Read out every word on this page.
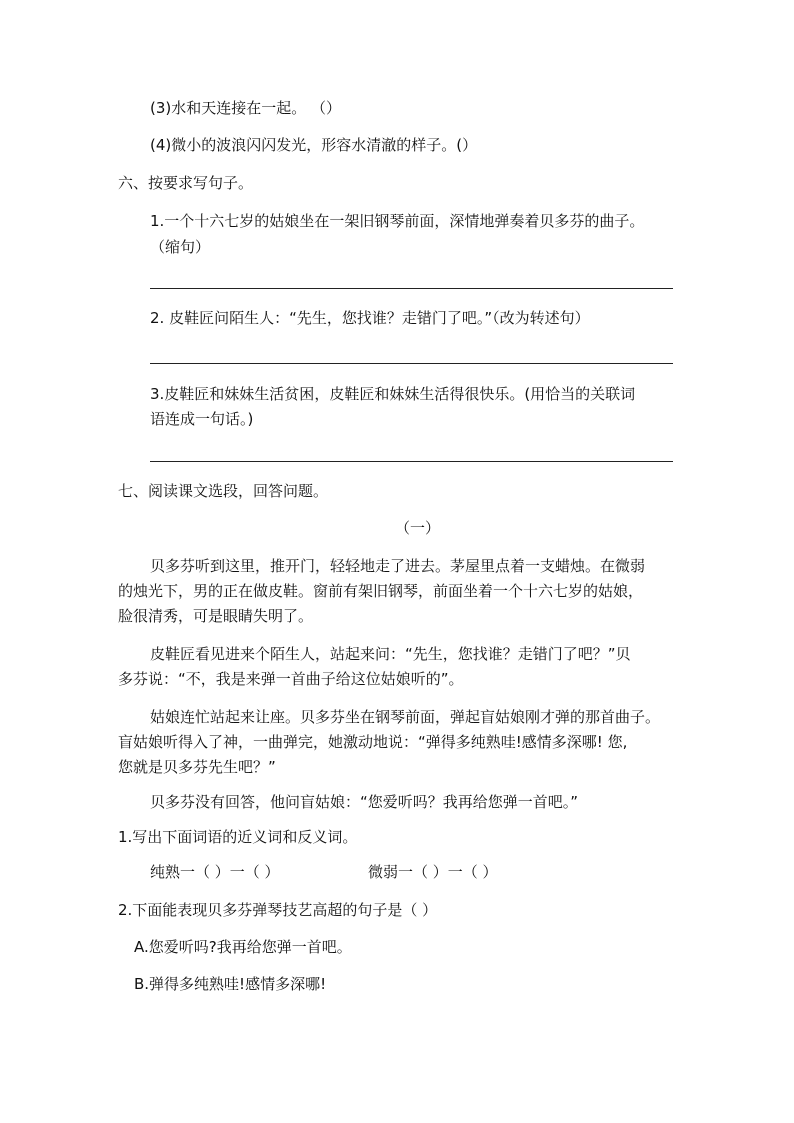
(3)水和天连接在一起。 （）
(4)微小的波浪闪闪发光，形容水清澈的样子。(）
六、按要求写句子。
1.一个十六七岁的姑娘坐在一架旧钢琴前面，深情地弹奏着贝多芬的曲子。
（缩句）
2. 皮鞋匠问陌生人：“先生，您找谁？走错门了吧。”（改为转述句）
3.皮鞋匠和妹妹生活贫困，皮鞋匠和妹妹生活得很快乐。(用恰当的关联词
语连成一句话。)
七、阅读课文选段，回答问题。
（一）
贝多芬听到这里，推开门，轻轻地走了进去。茅屋里点着一支蜡烛。在微弱
的烛光下，男的正在做皮鞋。窗前有架旧钢琴，前面坐着一个十六七岁的姑娘，
脸很清秀，可是眼睛失明了。
皮鞋匠看见进来个陌生人，站起来问：“先生，您找谁？走错门了吧？”贝
多芬说：“不，我是来弹一首曲子给这位姑娘听的”。
姑娘连忙站起来让座。贝多芬坐在钢琴前面，弹起盲姑娘刚才弹的那首曲子。
盲姑娘听得入了神，一曲弹完，她激动地说：“弹得多纯熟哇!感情多深哪! 您,
您就是贝多芬先生吧？”
贝多芬没有回答，他问盲姑娘：“您爱听吗？我再给您弹一首吧。”
1.写出下面词语的近义词和反义词。
纯熟一（ ）一（ ）	微弱一（ ）一（ ）
2.下面能表现贝多芬弹琴技艺高超的句子是（ ）
A.您爱听吗?我再给您弹一首吧。
B.弹得多纯熟哇!感情多深哪!
